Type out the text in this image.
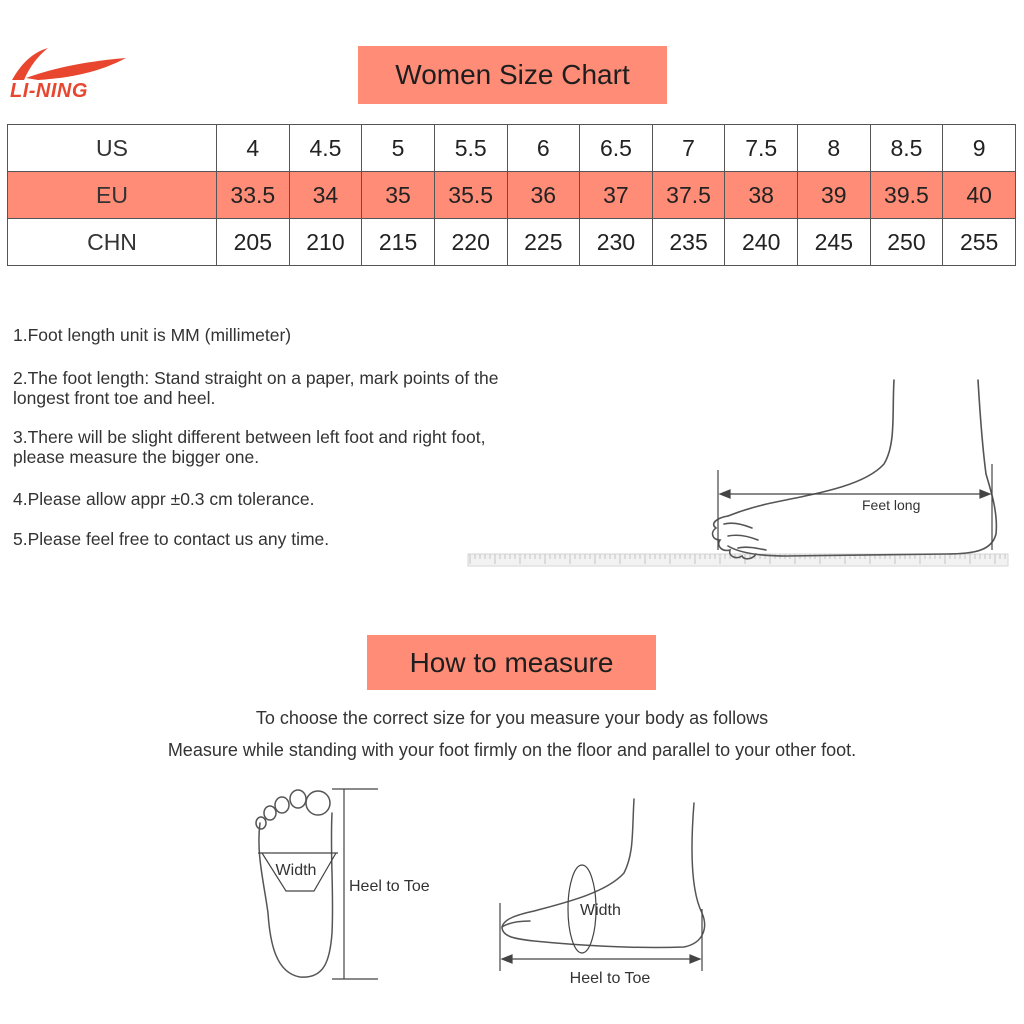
LI-NING
Women Size Chart
US	4	4.5	5	5.5	6	6.5	7	7.5	8	8.5	9
EU	33.5	34	35	35.5	36	37	37.5	38	39	39.5	40
CHN	205	210	215	220	225	230	235	240	245	250	255

1.Foot length unit is MM (millimeter)

2.The foot length: Stand straight on a paper, mark points of the
longest front toe and heel.

3.There will be slight different between left foot and right foot,
please measure the bigger one.

4.Please allow appr ±0.3 cm tolerance.

5.Please feel free to contact us any time.

Feet long
How to measure
To choose the correct size for you measure your body as follows
Measure while standing with your foot firmly on the floor and parallel to your other foot.
Width
Heel to Toe
Width
Heel to Toe
